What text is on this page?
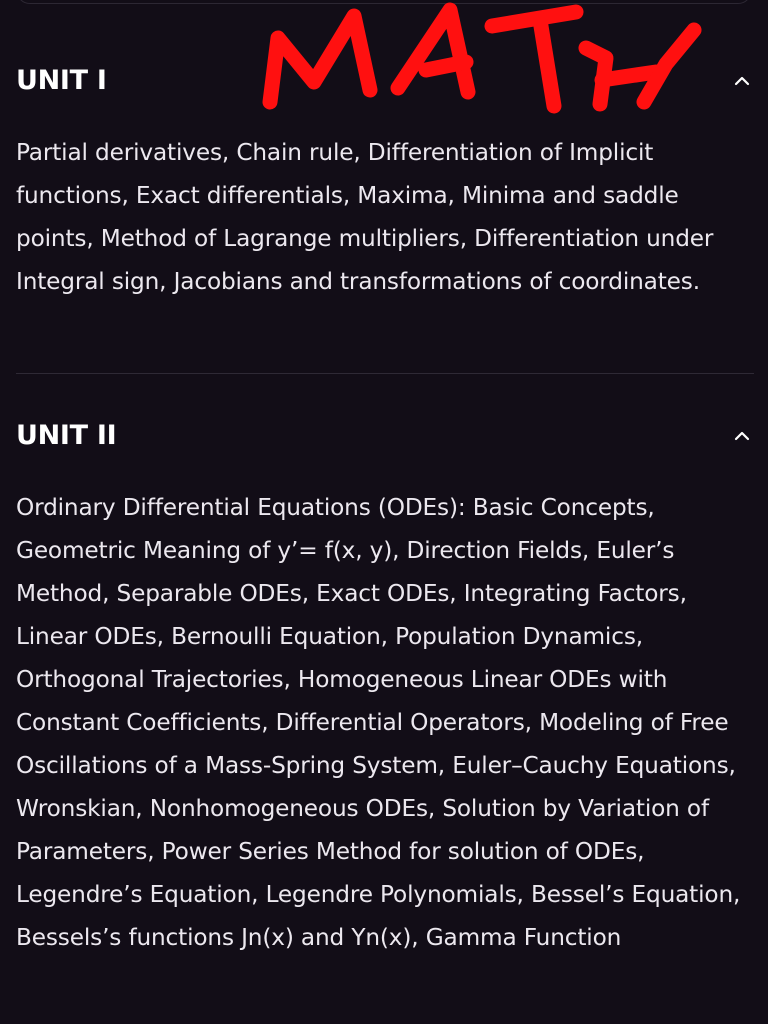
UNIT I

Partial derivatives, Chain rule, Differentiation of Implicit functions, Exact differentials, Maxima, Minima and saddle points, Method of Lagrange multipliers, Differentiation under Integral sign, Jacobians and transformations of coordinates.

UNIT II

Ordinary Differential Equations (ODEs): Basic Concepts, Geometric Meaning of y’= f(x, y), Direction Fields, Euler’s Method, Separable ODEs, Exact ODEs, Integrating Factors, Linear ODEs, Bernoulli Equation, Population Dynamics, Orthogonal Trajectories, Homogeneous Linear ODEs with Constant Coefficients, Differential Operators, Modeling of Free Oscillations of a Mass-Spring System, Euler–Cauchy Equations, Wronskian, Nonhomogeneous ODEs, Solution by Variation of Parameters, Power Series Method for solution of ODEs, Legendre’s Equation, Legendre Polynomials, Bessel’s Equation, Bessels’s functions Jn(x) and Yn(x), Gamma Function
